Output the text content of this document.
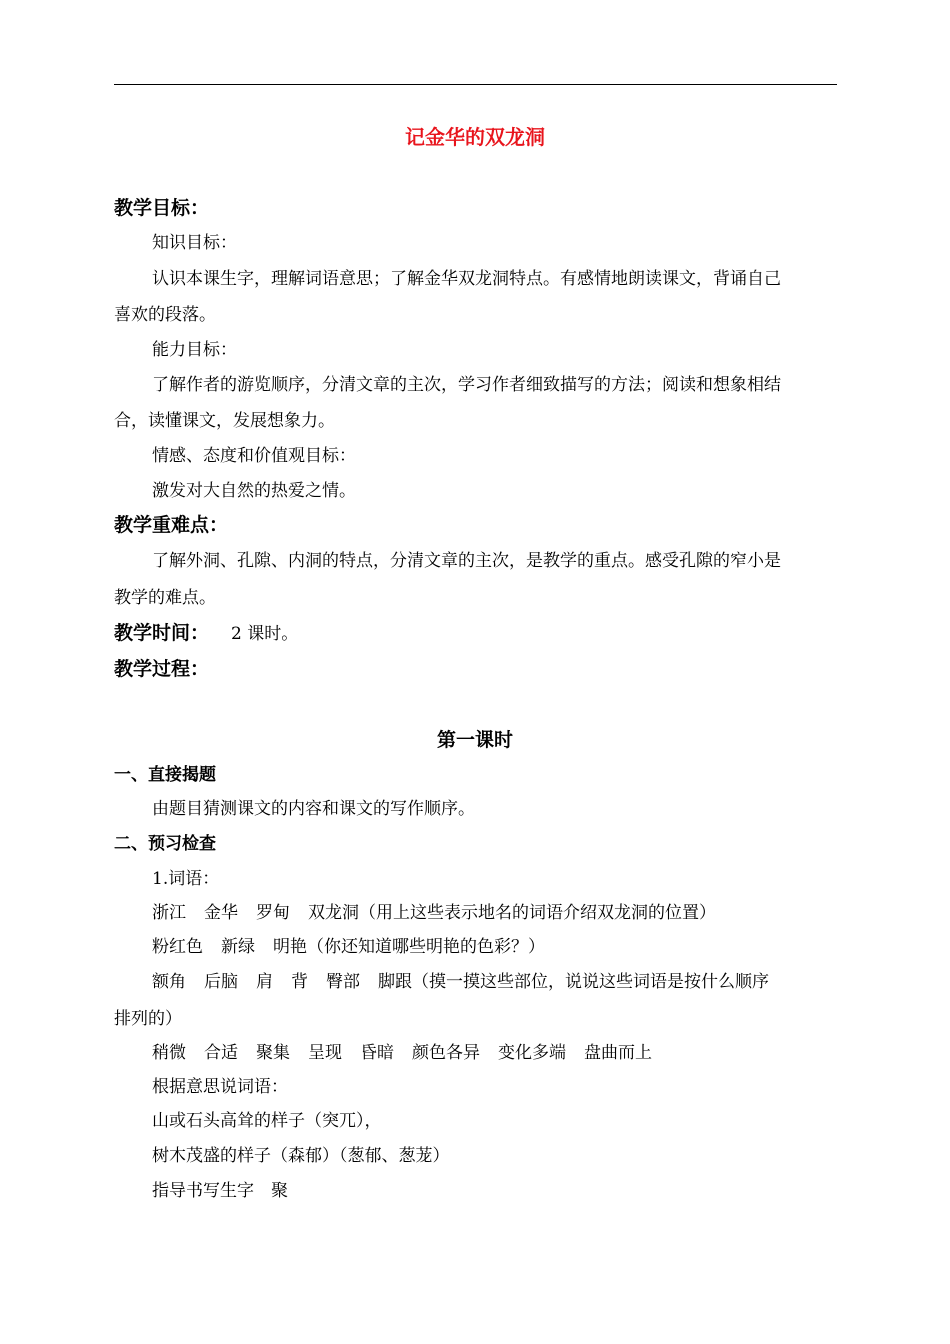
记金华的双龙洞
教学目标：
知识目标：
认识本课生字，理解词语意思；了解金华双龙洞特点。有感情地朗读课文，背诵自己
喜欢的段落。
能力目标：
了解作者的游览顺序，分清文章的主次，学习作者细致描写的方法；阅读和想象相结
合，读懂课文，发展想象力。
情感、态度和价值观目标：
激发对大自然的热爱之情。
教学重难点：
了解外洞、孔隙、内洞的特点，分清文章的主次，是教学的重点。感受孔隙的窄小是
教学的难点。
教学时间： 2 课时。
教学过程：
第一课时
一、直接揭题
由题目猜测课文的内容和课文的写作顺序。
二、预习检查
1.词语：
浙江 金华 罗甸 双龙洞（用上这些表示地名的词语介绍双龙洞的位置）
粉红色 新绿 明艳（你还知道哪些明艳的色彩？）
额角 后脑 肩 背 臀部 脚跟（摸一摸这些部位，说说这些词语是按什么顺序
排列的）
稍微 合适 聚集 呈现 昏暗 颜色各异 变化多端 盘曲而上
根据意思说词语：
山或石头高耸的样子（突兀），
树木茂盛的样子（森郁）（葱郁、葱茏）
指导书写生字　聚
